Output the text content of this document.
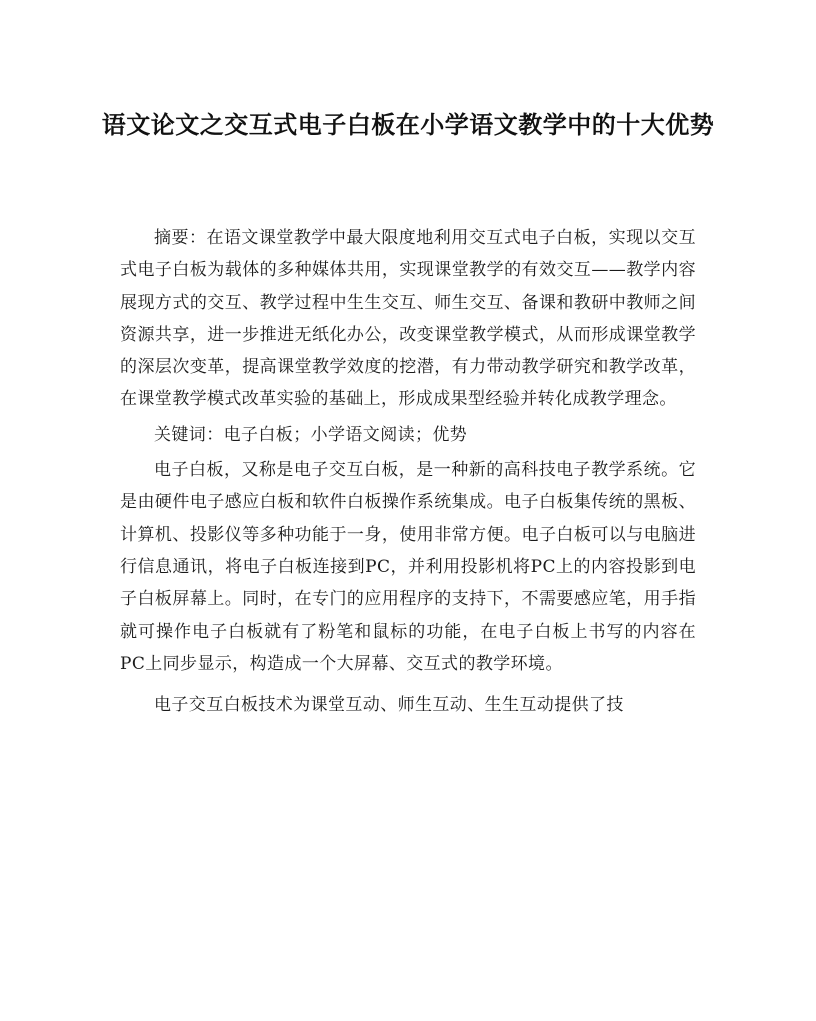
语文论文之交互式电子白板在小学语文教学中的十大优势

摘要：在语文课堂教学中最大限度地利用交互式电子白板，实现以交互式电子白板为载体的多种媒体共用，实现课堂教学的有效交互——教学内容展现方式的交互、教学过程中生生交互、师生交互、备课和教研中教师之间资源共享，进一步推进无纸化办公，改变课堂教学模式，从而形成课堂教学的深层次变革，提高课堂教学效度的挖潜，有力带动教学研究和教学改革，在课堂教学模式改革实验的基础上，形成成果型经验并转化成教学理念。

关键词：电子白板；小学语文阅读；优势

电子白板，又称是电子交互白板，是一种新的高科技电子教学系统。它是由硬件电子感应白板和软件白板操作系统集成。电子白板集传统的黑板、计算机、投影仪等多种功能于一身，使用非常方便。电子白板可以与电脑进行信息通讯，将电子白板连接到PC，并利用投影机将PC上的内容投影到电子白板屏幕上。同时，在专门的应用程序的支持下，不需要感应笔，用手指就可操作电子白板就有了粉笔和鼠标的功能，在电子白板上书写的内容在PC上同步显示，构造成一个大屏幕、交互式的教学环境。

电子交互白板技术为课堂互动、师生互动、生生互动提供了技
